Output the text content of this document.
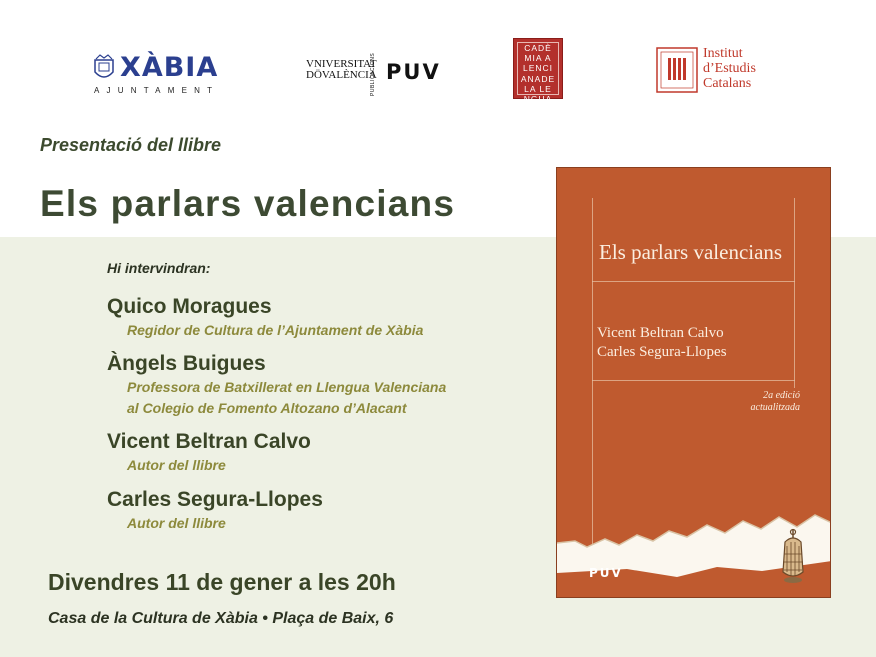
XÀBIA
AJUNTAMENT
VNIVERSITAT
DÖVALÈNCIA
PUBLICACIONS PUV
CADÈ
MIA A
LENCI
ANADE
LA LE
NGUA
Institut
d’Estudis
Catalans
Presentació del llibre
Els parlars valencians
Hi intervindran:
Quico Moragues
Regidor de Cultura de l’Ajuntament de Xàbia
Àngels Buigues
Professora de Batxillerat en Llengua Valenciana
al Colegio de Fomento Altozano d’Alacant
Vicent Beltran Calvo
Autor del llibre
Carles Segura-Llopes
Autor del llibre
Divendres 11 de gener a les 20h
Casa de la Cultura de Xàbia • Plaça de Baix, 6
Els parlars valencians
Vicent Beltran Calvo
Carles Segura-Llopes
2a edició
actualitzada
PUV
